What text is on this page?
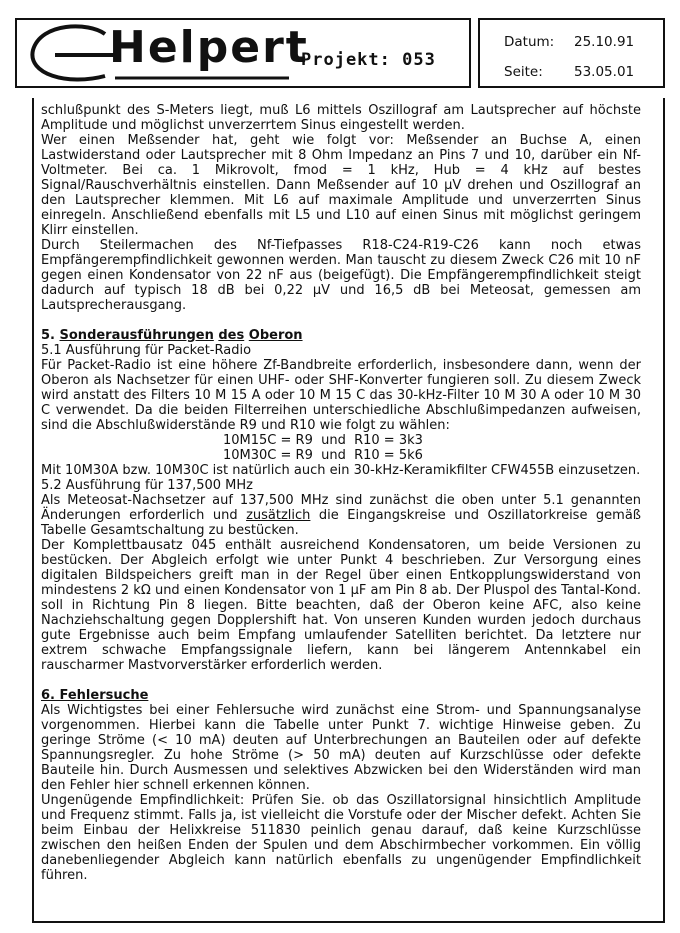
Helpert
Projekt: 053
Datum: 25.10.91
Seite: 53.05.01

schlußpunkt des S-Meters liegt, muß L6 mittels Oszillograf am Lautsprecher auf höchste Amplitude und möglichst unverzerrtem Sinus eingestellt werden.

Wer einen Meßsender hat, geht wie folgt vor: Meßsender an Buchse A, einen Lastwiderstand oder Lautsprecher mit 8 Ohm Impedanz an Pins 7 und 10, darüber ein Nf-Voltmeter. Bei ca. 1 Mikrovolt, fmod = 1 kHz, Hub = 4 kHz auf bestes Signal/Rauschverhältnis einstellen. Dann Meßsender auf 10 µV drehen und Oszillograf an den Lautsprecher klemmen. Mit L6 auf maximale Amplitude und unverzerrten Sinus einregeln. Anschließend ebenfalls mit L5 und L10 auf einen Sinus mit möglichst geringem Klirr einstellen.

Durch Steilermachen des Nf-Tiefpasses R18-C24-R19-C26 kann noch etwas Empfängerempfindlichkeit gewonnen werden. Man tauscht zu diesem Zweck C26 mit 10 nF gegen einen Kondensator von 22 nF aus (beigefügt). Die Empfängerempfindlichkeit steigt dadurch auf typisch 18 dB bei 0,22 µV und 16,5 dB bei Meteosat, gemessen am Lautsprecherausgang.

5. Sonderausführungen des Oberon

5.1 Ausführung für Packet-Radio

Für Packet-Radio ist eine höhere Zf-Bandbreite erforderlich, insbesondere dann, wenn der Oberon als Nachsetzer für einen UHF- oder SHF-Konverter fungieren soll. Zu diesem Zweck wird anstatt des Filters 10 M 15 A oder 10 M 15 C das 30-kHz-Filter 10 M 30 A oder 10 M 30 C verwendet. Da die beiden Filterreihen unterschiedliche Abschlußimpedanzen aufweisen, sind die Abschlußwiderstände R9 und R10 wie folgt zu wählen:

10M15C = R9  und  R10 = 3k3

10M30C = R9  und  R10 = 5k6

Mit 10M30A bzw. 10M30C ist natürlich auch ein 30-kHz-Keramikfilter CFW455B einzusetzen.

5.2 Ausführung für 137,500 MHz

Als Meteosat-Nachsetzer auf 137,500 MHz sind zunächst die oben unter 5.1 genannten Änderungen erforderlich und zusätzlich die Eingangskreise und Oszillatorkreise gemäß Tabelle Gesamtschaltung zu bestücken.

Der Komplettbausatz 045 enthält ausreichend Kondensatoren, um beide Versionen zu bestücken. Der Abgleich erfolgt wie unter Punkt 4 beschrieben. Zur Versorgung eines digitalen Bildspeichers greift man in der Regel über einen Entkopplungswiderstand von mindestens 2 kΩ und einen Kondensator von 1 µF am Pin 8 ab. Der Pluspol des Tantal-Kond. soll in Richtung Pin 8 liegen. Bitte beachten, daß der Oberon keine AFC, also keine Nachziehschaltung gegen Dopplershift hat. Von unseren Kunden wurden jedoch durchaus gute Ergebnisse auch beim Empfang umlaufender Satelliten berichtet. Da letztere nur extrem schwache Empfangssignale liefern, kann bei längerem Antennkabel ein rauscharmer Mastvorverstärker erforderlich werden.

6. Fehlersuche

Als Wichtigstes bei einer Fehlersuche wird zunächst eine Strom- und Spannungsanalyse vorgenommen. Hierbei kann die Tabelle unter Punkt 7. wichtige Hinweise geben. Zu geringe Ströme (< 10 mA) deuten auf Unterbrechungen an Bauteilen oder auf defekte Spannungsregler. Zu hohe Ströme (> 50 mA) deuten auf Kurzschlüsse oder defekte Bauteile hin. Durch Ausmessen und selektives Abzwicken bei den Widerständen wird man den Fehler hier schnell erkennen können.

Ungenügende Empfindlichkeit: Prüfen Sie. ob das Oszillatorsignal hinsichtlich Amplitude und Frequenz stimmt. Falls ja, ist vielleicht die Vorstufe oder der Mischer defekt. Achten Sie beim Einbau der Helixkreise 511830 peinlich genau darauf, daß keine Kurzschlüsse zwischen den heißen Enden der Spulen und dem Abschirmbecher vorkommen. Ein völlig danebenliegender Abgleich kann natürlich ebenfalls zu ungenügender Empfindlichkeit führen.
